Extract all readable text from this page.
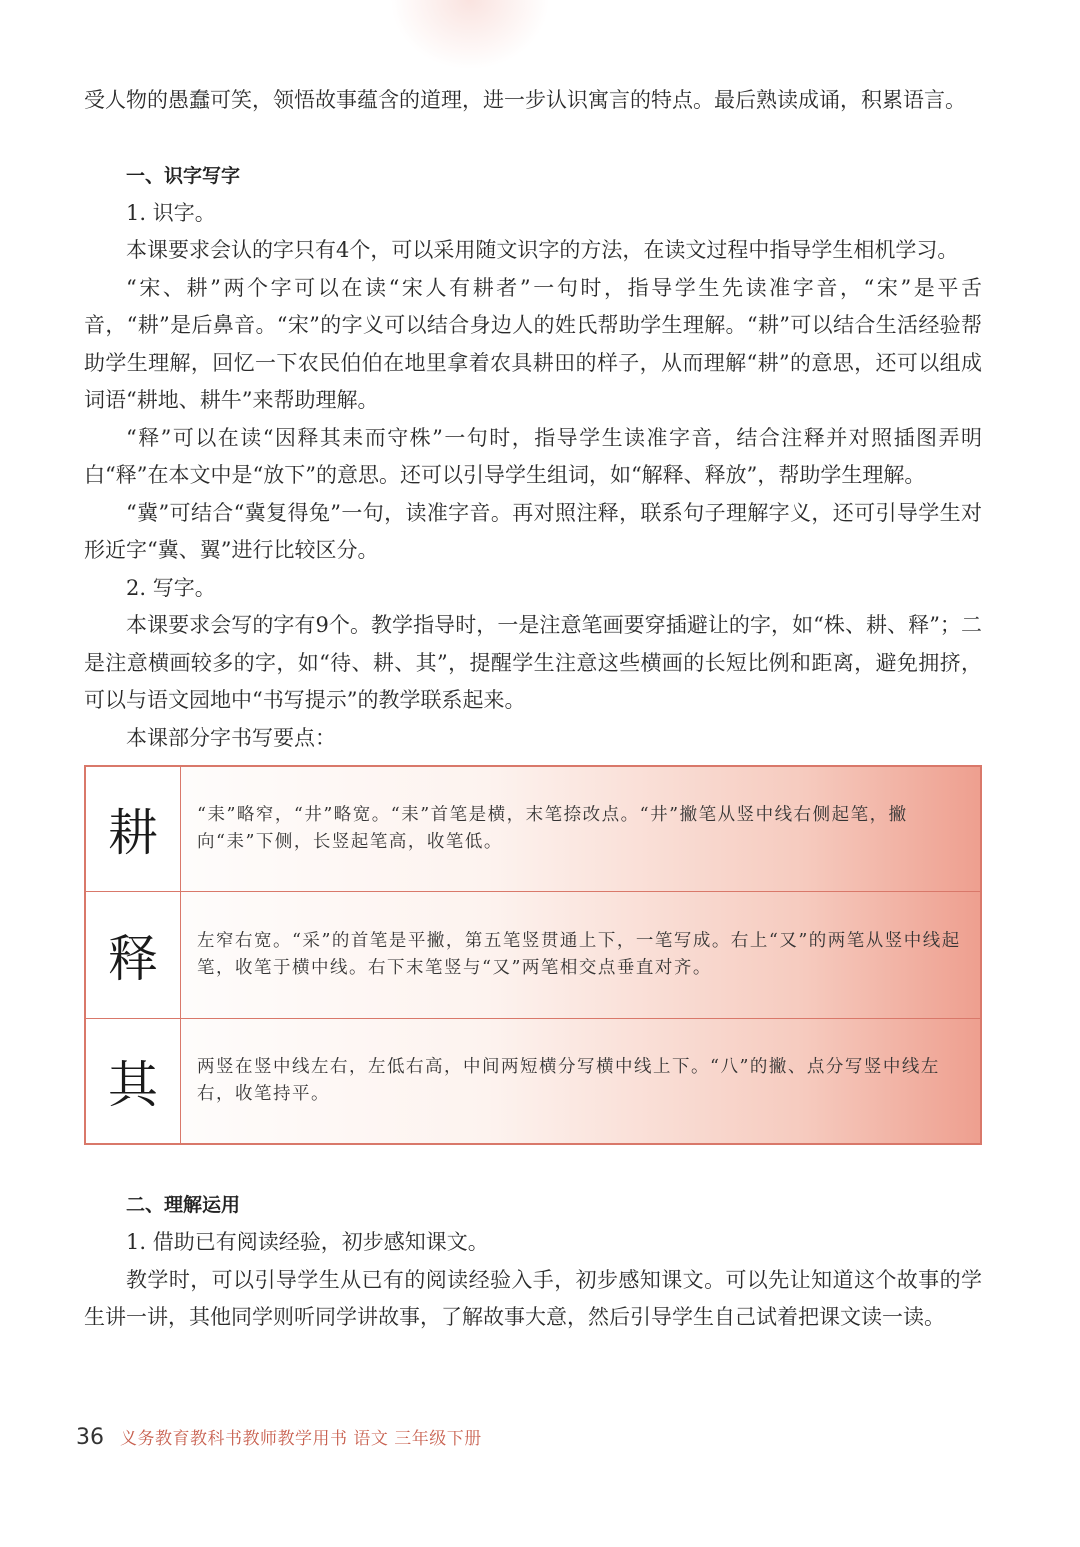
受人物的愚蠢可笑，领悟故事蕴含的道理，进一步认识寓言的特点。最后熟读成诵，积累语言。

一、识字写字

1. 识字。

本课要求会认的字只有4个，可以采用随文识字的方法，在读文过程中指导学生相机学习。

“宋、耕”两个字可以在读“宋人有耕者”一句时，指导学生先读准字音，“宋”是平舌音，“耕”是后鼻音。“宋”的字义可以结合身边人的姓氏帮助学生理解。“耕”可以结合生活经验帮助学生理解，回忆一下农民伯伯在地里拿着农具耕田的样子，从而理解“耕”的意思，还可以组成词语“耕地、耕牛”来帮助理解。

“释”可以在读“因释其耒而守株”一句时，指导学生读准字音，结合注释并对照插图弄明白“释”在本文中是“放下”的意思。还可以引导学生组词，如“解释、释放”，帮助学生理解。

“冀”可结合“冀复得兔”一句，读准字音。再对照注释，联系句子理解字义，还可引导学生对形近字“冀、翼”进行比较区分。

2. 写字。

本课要求会写的字有9个。教学指导时，一是注意笔画要穿插避让的字，如“株、耕、释”；二是注意横画较多的字，如“待、耕、其”，提醒学生注意这些横画的长短比例和距离，避免拥挤，可以与语文园地中“书写提示”的教学联系起来。

本课部分字书写要点：

耕	“耒”略窄，“井”略宽。“耒”首笔是横，末笔捺改点。“井”撇笔从竖中线右侧起笔，撇向“耒”下侧，长竖起笔高，收笔低。
释	左窄右宽。“采”的首笔是平撇，第五笔竖贯通上下，一笔写成。右上“又”的两笔从竖中线起笔，收笔于横中线。右下末笔竖与“又”两笔相交点垂直对齐。
其	两竖在竖中线左右，左低右高，中间两短横分写横中线上下。“八”的撇、点分写竖中线左右，收笔持平。
二、理解运用

1. 借助已有阅读经验，初步感知课文。

教学时，可以引导学生从已有的阅读经验入手，初步感知课文。可以先让知道这个故事的学生讲一讲，其他同学则听同学讲故事，了解故事大意，然后引导学生自己试着把课文读一读。

36 义务教育教科书教师教学用书 语文 三年级下册
